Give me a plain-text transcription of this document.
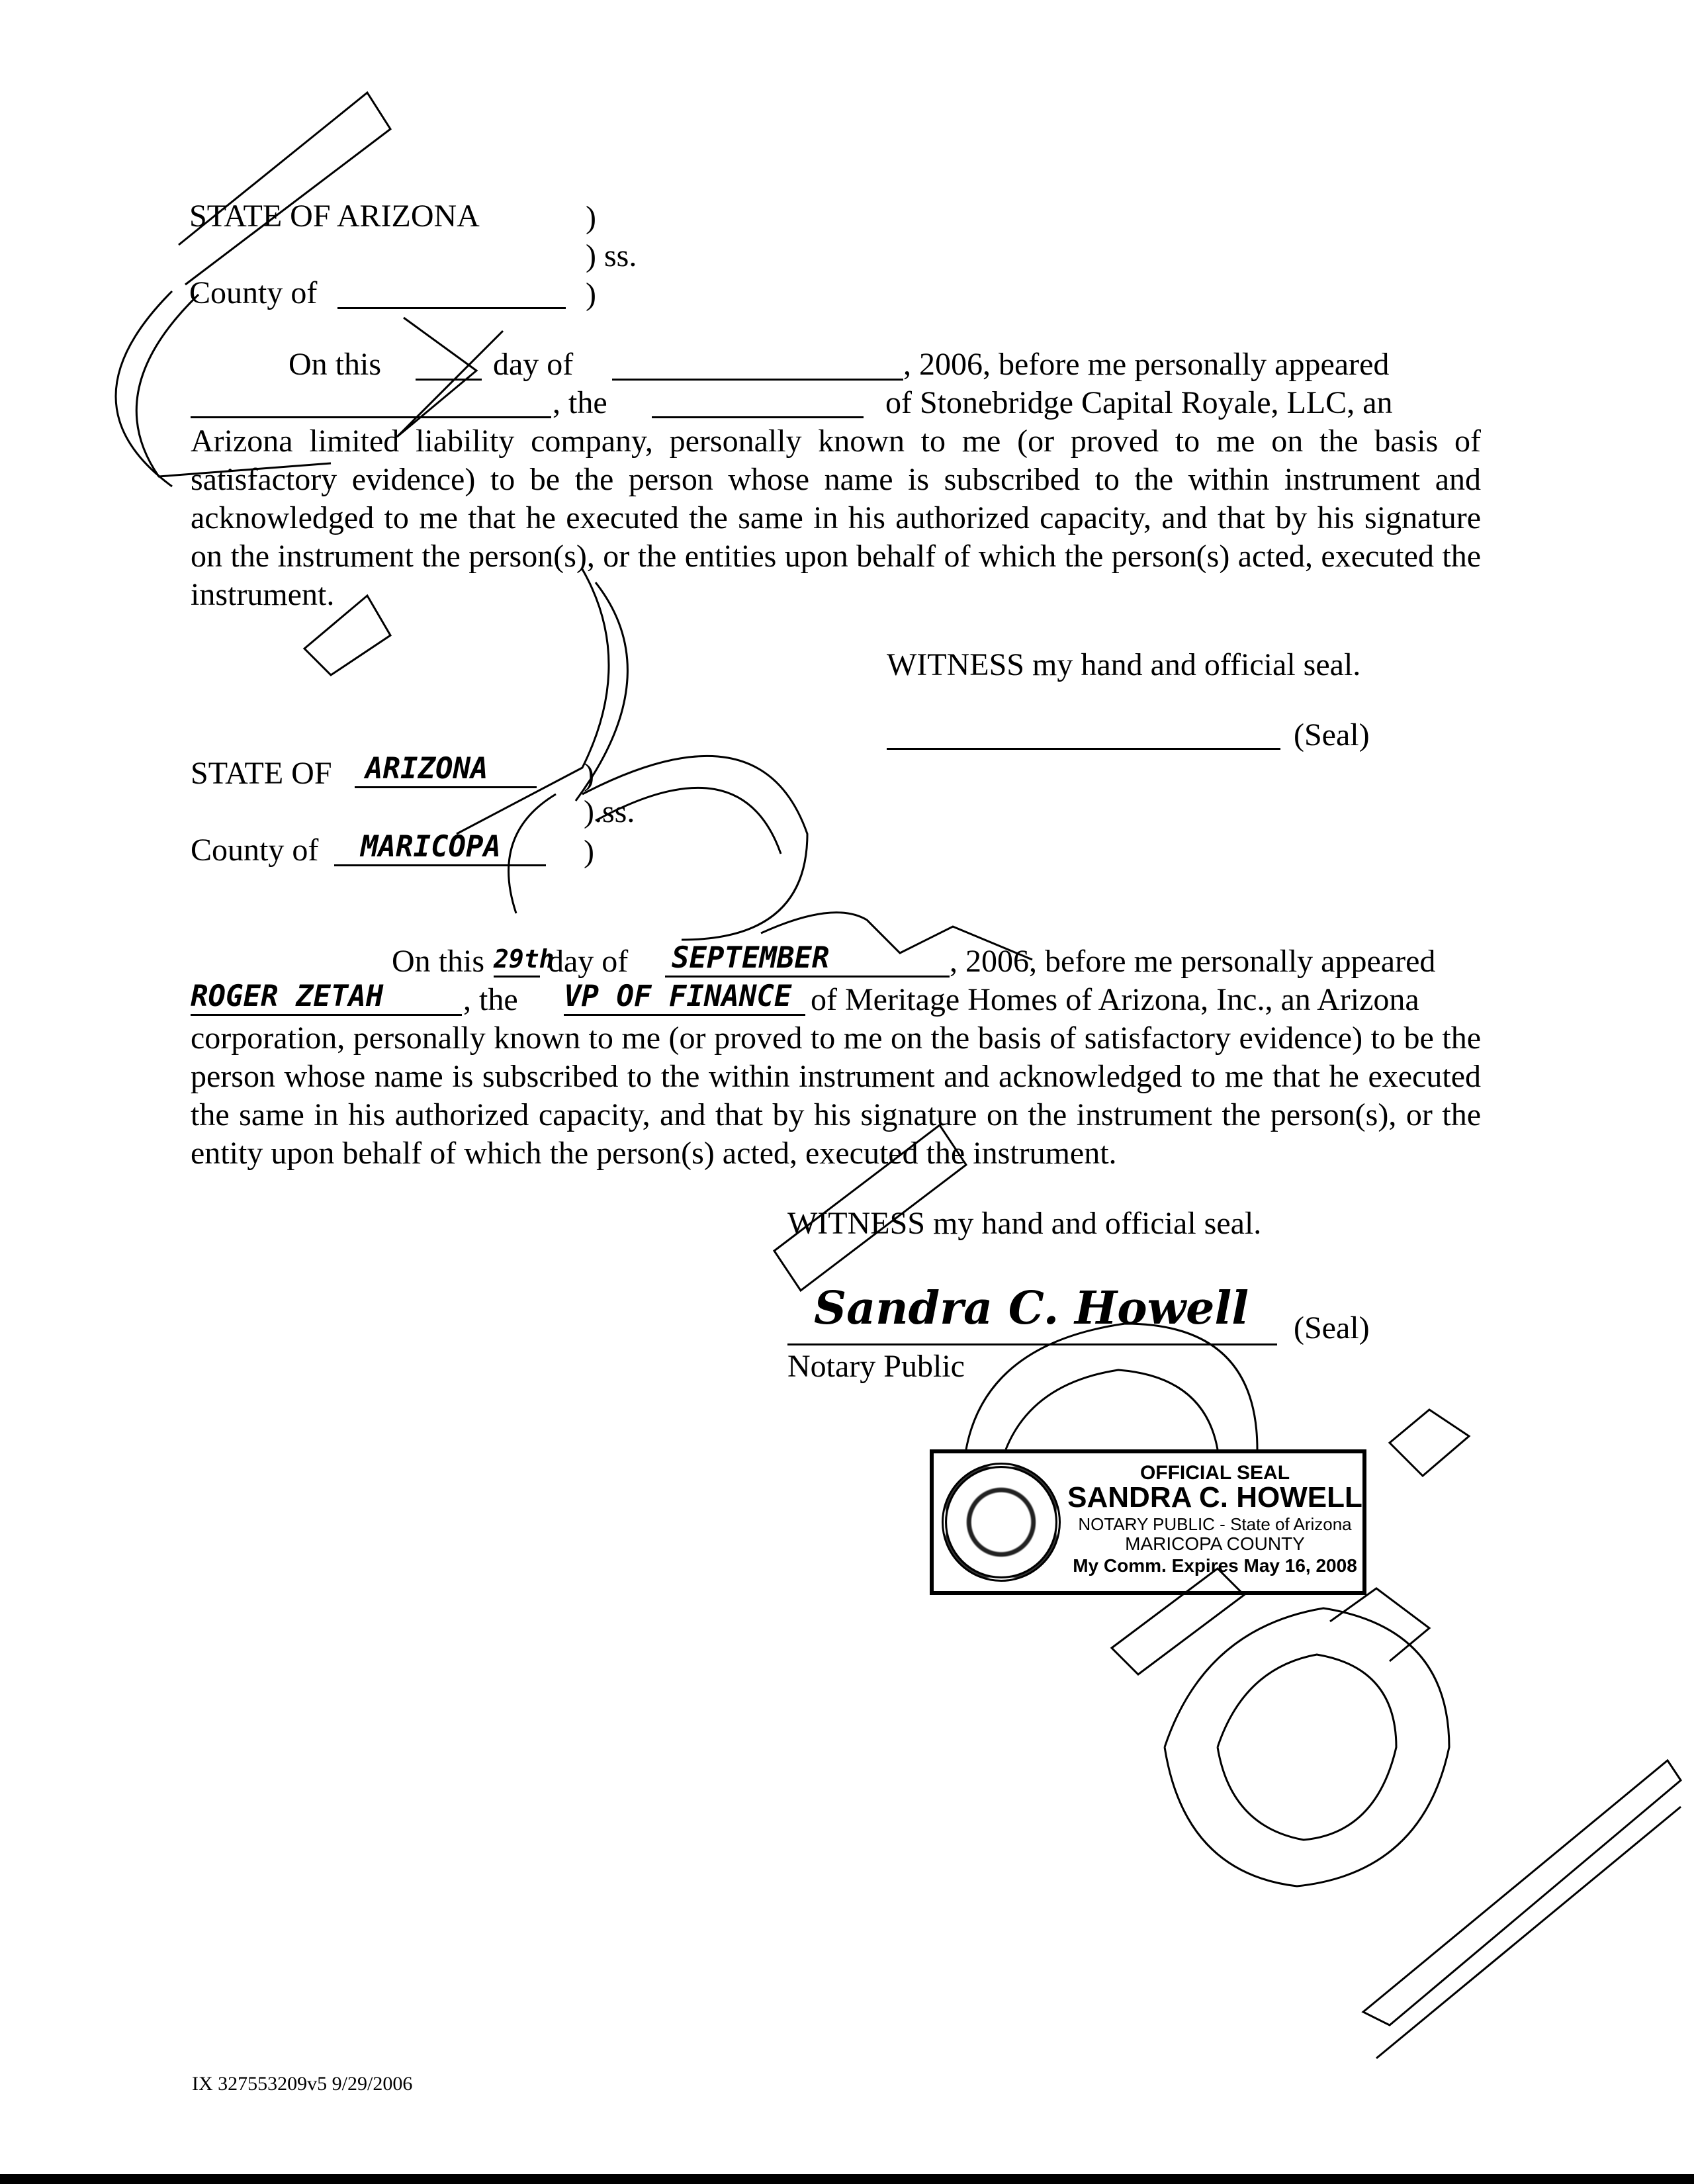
STATE OF ARIZONA	)
) ss.
County of	)
On this	day of	, 2006, before me personally appeared
, the	of Stonebridge Capital Royale, LLC, an
Arizona limited liability company, personally known to me (or proved to me on the basis of satisfactory evidence) to be the person whose name is subscribed to the within instrument and acknowledged to me that he executed the same in his authorized capacity, and that by his signature on the instrument the person(s), or the entities upon behalf of which the person(s) acted, executed the instrument.
WITNESS my hand and official seal.
(Seal)
STATE OF	ARIZONA	)
).ss.
County of	MARICOPA	)
On this 29th
day of SEPTEMBER	, 2006, before me personally appeared
ROGER ZETAH	, the VP OF FINANCE of Meritage Homes of Arizona, Inc., an Arizona
corporation, personally known to me (or proved to me on the basis of satisfactory evidence) to be the person whose name is subscribed to the within instrument and acknowledged to me that he executed the same in his authorized capacity, and that by his signature on the instrument the person(s), or the entity upon behalf of which the person(s) acted, executed the instrument.
WITNESS my hand and official seal.
Sandra C. Howell	(Seal)
Notary Public
OFFICIAL SEAL
SANDRA C. HOWELL
NOTARY PUBLIC - State of Arizona
MARICOPA COUNTY
My Comm. Expires May 16, 2008
IX 327553209v5 9/29/2006
